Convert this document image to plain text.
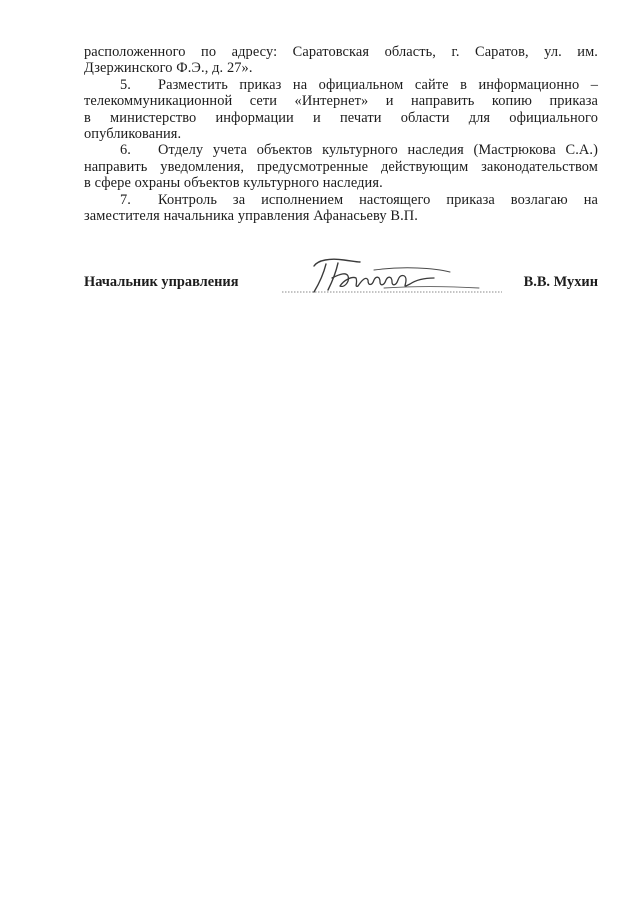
расположенного по адресу: Саратовская область, г. Саратов, ул. им.
Дзержинского Ф.Э., д. 27».
5. Разместить приказ на официальном сайте в информационно –
телекоммуникационной сети «Интернет» и направить копию приказа
в министерство информации и печати области для официального
опубликования.
6. Отделу учета объектов культурного наследия (Мастрюкова С.А.)
направить уведомления, предусмотренные действующим законодательством
в сфере охраны объектов культурного наследия.
7. Контроль за исполнением настоящего приказа возлагаю на
заместителя начальника управления Афанасьеву В.П.
Начальник управления	В.В. Мухин
